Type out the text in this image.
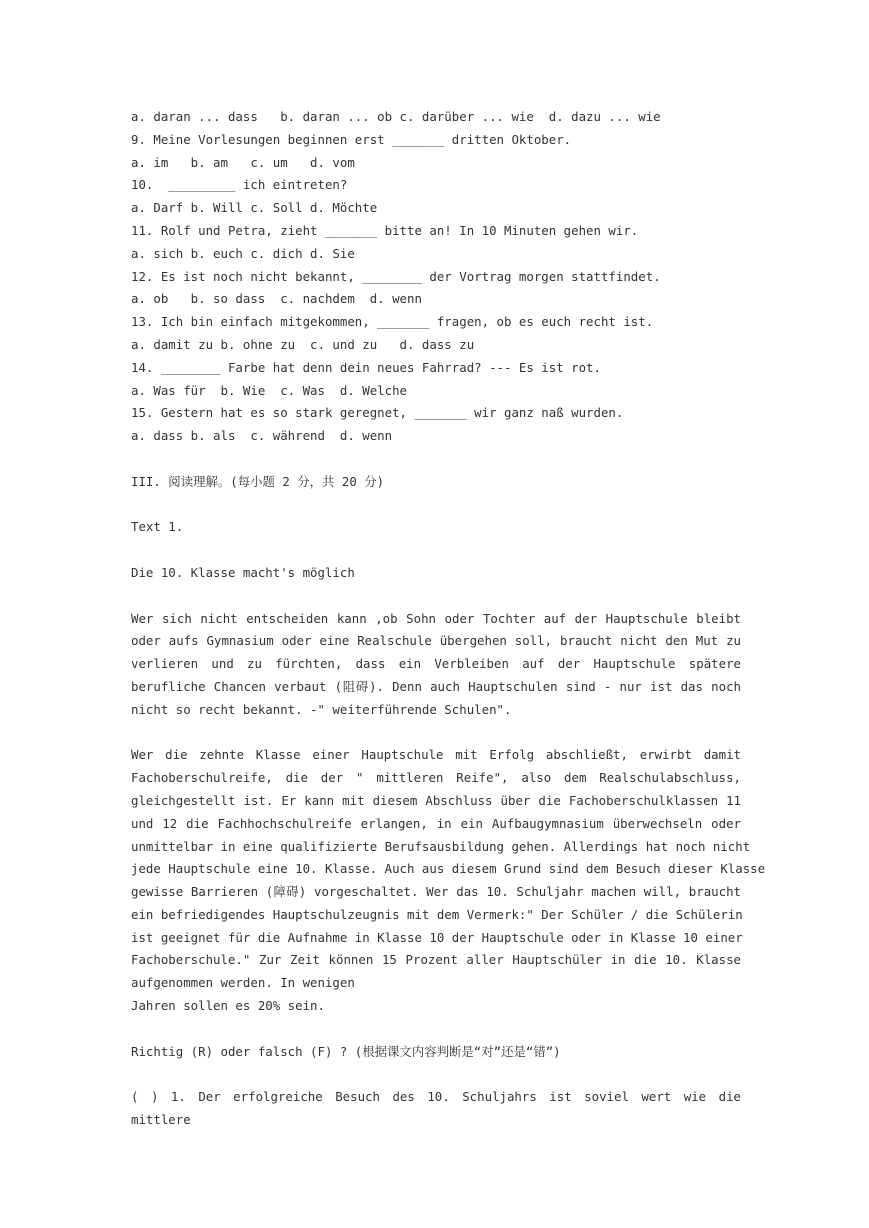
a. daran ... dass   b. daran ... ob c. darüber ... wie  d. dazu ... wie
9. Meine Vorlesungen beginnen erst _______ dritten Oktober.
a. im   b. am   c. um   d. vom
10.  _________ ich eintreten?
a. Darf b. Will c. Soll d. Möchte
11. Rolf und Petra, zieht _______ bitte an! In 10 Minuten gehen wir.
a. sich b. euch c. dich d. Sie
12. Es ist noch nicht bekannt, ________ der Vortrag morgen stattfindet.
a. ob   b. so dass  c. nachdem  d. wenn
13. Ich bin einfach mitgekommen, _______ fragen, ob es euch recht ist.
a. damit zu b. ohne zu  c. und zu   d. dass zu
14. ________ Farbe hat denn dein neues Fahrrad? --- Es ist rot.
a. Was für  b. Wie  c. Was  d. Welche
15. Gestern hat es so stark geregnet, _______ wir ganz naß wurden.
a. dass b. als  c. während  d. wenn
III. 阅读理解。(每小题 2 分，共 20 分)
Text 1.
Die 10. Klasse macht's möglich
Wer sich nicht entscheiden kann ,ob Sohn oder Tochter auf der Hauptschule bleibt
oder aufs Gymnasium oder eine Realschule übergehen soll, braucht nicht den Mut zu
verlieren und zu fürchten, dass ein Verbleiben auf der Hauptschule spätere
berufliche Chancen verbaut (阻碍). Denn auch Hauptschulen sind - nur ist das noch
nicht so recht bekannt. -" weiterführende Schulen".
Wer die zehnte Klasse einer Hauptschule mit Erfolg abschließt, erwirbt damit
Fachoberschulreife, die der " mittleren Reife", also dem Realschulabschluss,
gleichgestellt ist. Er kann mit diesem Abschluss über die Fachoberschulklassen 11
und 12 die Fachhochschulreife erlangen, in ein Aufbaugymnasium überwechseln oder
unmittelbar in eine qualifizierte Berufsausbildung gehen. Allerdings hat noch nicht
jede Hauptschule eine 10. Klasse. Auch aus diesem Grund sind dem Besuch dieser Klasse
gewisse Barrieren (障碍) vorgeschaltet. Wer das 10. Schuljahr machen will, braucht
ein befriedigendes Hauptschulzeugnis mit dem Vermerk:" Der Schüler / die Schülerin
ist geeignet für die Aufnahme in Klasse 10 der Hauptschule oder in Klasse 10 einer
Fachoberschule." Zur Zeit können 15 Prozent aller Hauptschüler in die 10. Klasse
aufgenommen werden. In wenigen
Jahren sollen es 20% sein.
Richtig (R) oder falsch (F) ? (根据课文内容判断是“对”还是“错”)
( ) 1. Der erfolgreiche Besuch des 10. Schuljahrs ist soviel wert wie die mittlere
